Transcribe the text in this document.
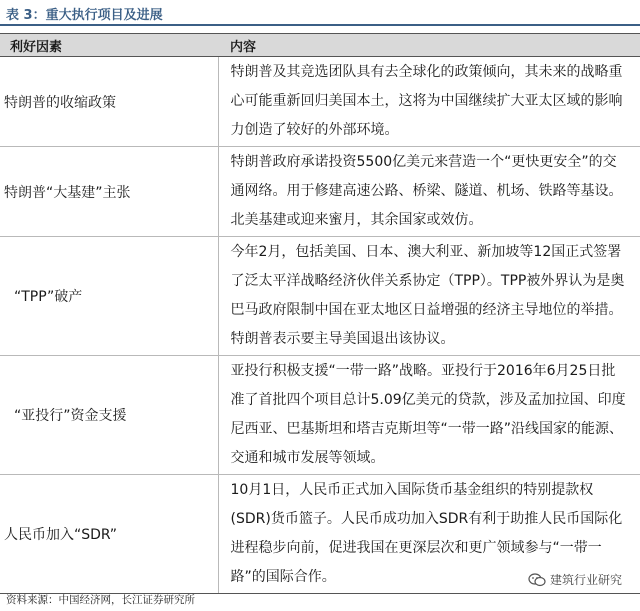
表 3：重大执行项目及进展
利好因素	内容
特朗普的收缩政策	特朗普及其竞选团队具有去全球化的政策倾向，其未来的战略重心可能重新回归美国本土，这将为中国继续扩大亚太区域的影响力创造了较好的外部环境。
特朗普“大基建”主张	特朗普政府承诺投资5500亿美元来营造一个“更快更安全”的交通网络。用于修建高速公路、桥梁、隧道、机场、铁路等基设。北美基建或迎来蜜月，其余国家或效仿。
“TPP”破产	今年2月，包括美国、日本、澳大利亚、新加坡等12国正式签署了泛太平洋战略经济伙伴关系协定（TPP）。TPP被外界认为是奥巴马政府限制中国在亚太地区日益增强的经济主导地位的举措。特朗普表示要主导美国退出该协议。
“亚投行”资金支援	亚投行积极支援“一带一路”战略。亚投行于2016年6月25日批准了首批四个项目总计5.09亿美元的贷款，涉及孟加拉国、印度尼西亚、巴基斯坦和塔吉克斯坦等“一带一路”沿线国家的能源、交通和城市发展等领域。
人民币加入“SDR”	10月1日，人民币正式加入国际货币基金组织的特别提款权(SDR)货币篮子。人民币成功加入SDR有利于助推人民币国际化进程稳步向前，促进我国在更深层次和更广领域参与“一带一路”的国际合作。
资料来源：中国经济网，长江证券研究所
建筑行业研究
